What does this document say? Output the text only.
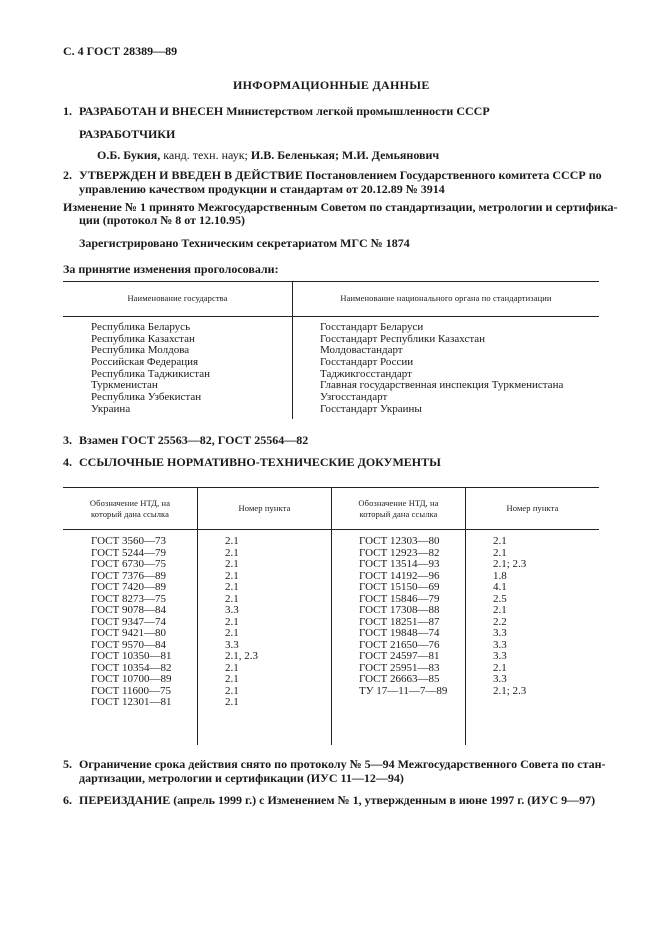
С. 4 ГОСТ 28389—89
ИНФОРМАЦИОННЫЕ ДАННЫЕ
1. РАЗРАБОТАН И ВНЕСЕН Министерством легкой промышленности СССР
РАЗРАБОТЧИКИ
О.Б. Букия, канд. техн. наук; И.В. Беленькая; М.И. Демьянович
2. УТВЕРЖДЕН И ВВЕДЕН В ДЕЙСТВИЕ Постановлением Государственного комитета СССР по
управлению качеством продукции и стандартам от 20.12.89 № 3914
Изменение № 1 принято Межгосударственным Советом по стандартизации, метрологии и сертифика-
ции (протокол № 8 от 12.10.95)
Зарегистрировано Техническим секретариатом МГС № 1874
За принятие изменения проголосовали:
Наименование государства	Наименование национального органа по стандартизации
Республика Беларусь
Республика Казахстан
Республика Молдова
Российская Федерация
Республика Таджикистан
Туркменистан
Республика Узбекистан
Украина
Госстандарт Беларуси
Госстандарт Республики Казахстан
Молдовастандарт
Госстандарт России
Таджикгосстандарт
Главная государственная инспекция Туркменистана
Узгосстандарт
Госстандарт Украины
3. Взамен ГОСТ 25563—82, ГОСТ 25564—82
4. ССЫЛОЧНЫЕ НОРМАТИВНО-ТЕХНИЧЕСКИЕ ДОКУМЕНТЫ
Обозначение НТД, на
который дана ссылка
Номер пункта	Обозначение НТД, на
который дана ссылка
Номер пункта
ГОСТ 3560—73
ГОСТ 5244—79
ГОСТ 6730—75
ГОСТ 7376—89
ГОСТ 7420—89
ГОСТ 8273—75
ГОСТ 9078—84
ГОСТ 9347—74
ГОСТ 9421—80
ГОСТ 9570—84
ГОСТ 10350—81
ГОСТ 10354—82
ГОСТ 10700—89
ГОСТ 11600—75
ГОСТ 12301—81
2.1
2.1
2.1
2.1
2.1
2.1
3.3
2.1
2.1
3.3
2.1, 2.3
2.1
2.1
2.1
2.1
ГОСТ 12303—80
ГОСТ 12923—82
ГОСТ 13514—93
ГОСТ 14192—96
ГОСТ 15150—69
ГОСТ 15846—79
ГОСТ 17308—88
ГОСТ 18251—87
ГОСТ 19848—74
ГОСТ 21650—76
ГОСТ 24597—81
ГОСТ 25951—83
ГОСТ 26663—85
ТУ 17—11—7—89
2.1
2.1
2.1; 2.3
1.8
4.1
2.5
2.1
2.2
3.3
3.3
3.3
2.1
3.3
2.1; 2.3
5. Ограничение срока действия снято по протоколу № 5—94 Межгосударственного Совета по стан-
дартизации, метрологии и сертификации (ИУС 11—12—94)
6. ПЕРЕИЗДАНИЕ (апрель 1999 г.) с Изменением № 1, утвержденным в июне 1997 г. (ИУС 9—97)
